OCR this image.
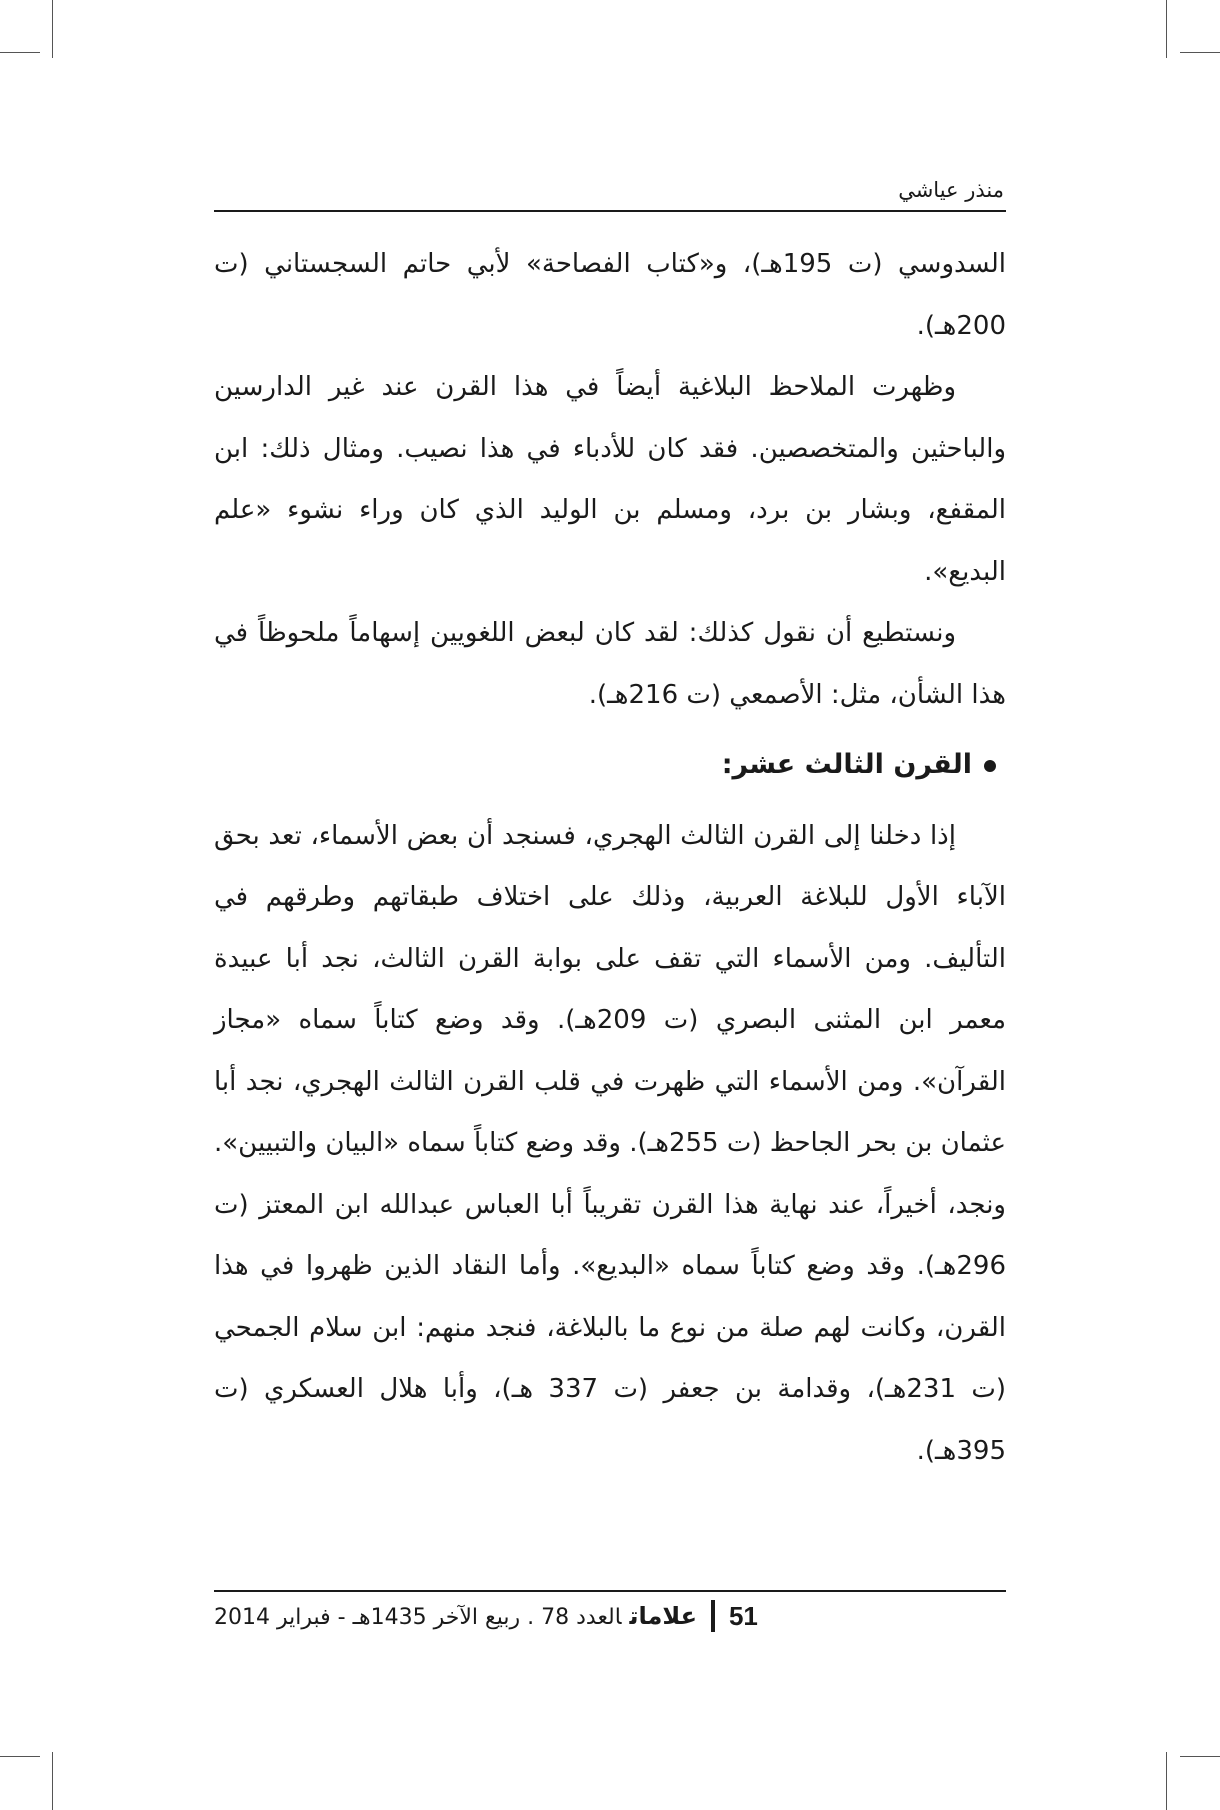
منذر عياشي

السدوسي (ت 195هـ)، و«كتاب الفصاحة» لأبي حاتم السجستاني (ت 200هـ).

وظهرت الملاحظ البلاغية أيضاً في هذا القرن عند غير الدارسين والباحثين والمتخصصين. فقد كان للأدباء في هذا نصيب. ومثال ذلك: ابن المقفع، وبشار بن برد، ومسلم بن الوليد الذي كان وراء نشوء «علم البديع».

ونستطيع أن نقول كذلك: لقد كان لبعض اللغويين إسهاماً ملحوظاً في هذا الشأن، مثل: الأصمعي (ت 216هـ).

القرن الثالث عشر:

إذا دخلنا إلى القرن الثالث الهجري، فسنجد أن بعض الأسماء، تعد بحق الآباء الأول للبلاغة العربية، وذلك على اختلاف طبقاتهم وطرقهم في التأليف. ومن الأسماء التي تقف على بوابة القرن الثالث، نجد أبا عبيدة معمر ابن المثنى البصري (ت 209هـ). وقد وضع كتاباً سماه «مجاز القرآن». ومن الأسماء التي ظهرت في قلب القرن الثالث الهجري، نجد أبا عثمان بن بحر الجاحظ (ت 255هـ). وقد وضع كتاباً سماه «البيان والتبيين». ونجد، أخيراً، عند نهاية هذا القرن تقريباً أبا العباس عبدالله ابن المعتز (ت 296هـ). وقد وضع كتاباً سماه «البديع». وأما النقاد الذين ظهروا في هذا القرن، وكانت لهم صلة من نوع ما بالبلاغة، فنجد منهم: ابن سلام الجمحي (ت 231هـ)، وقدامة بن جعفر (ت 337 هـ)، وأبا هلال العسكري (ت 395هـ).

51
علاماتالعدد 78 . ربيع الآخر 1435هـ - فبراير 2014
